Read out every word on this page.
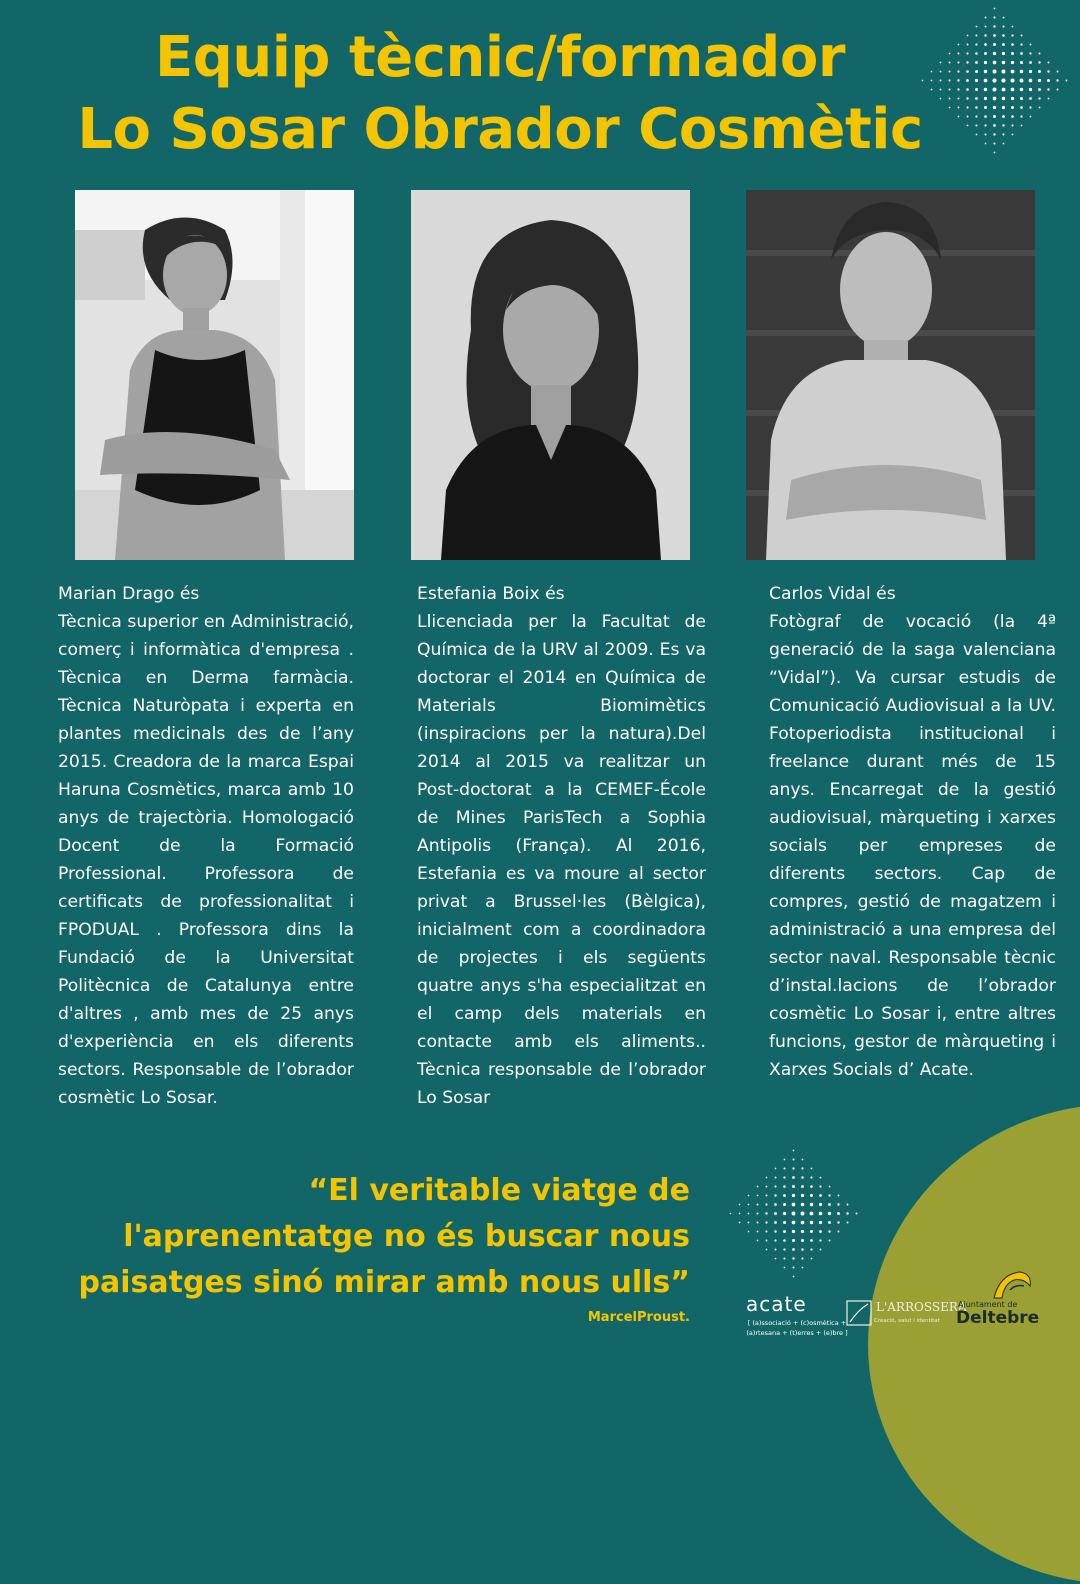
Equip tècnic/formador
Lo Sosar Obrador Cosmètic
Marian Drago és
Tècnica superior en Administració, comerç i informàtica d'empresa . Tècnica en Derma farmàcia. Tècnica Naturòpata i experta en plantes medicinals des de l’any 2015. Creadora de la marca Espai Haruna Cosmètics, marca amb 10 anys de trajectòria. Homologació Docent de la Formació Professional. Professora de certificats de professionalitat i FPODUAL . Professora dins la Fundació de la Universitat Politècnica de Catalunya entre d'altres , amb mes de 25 anys d'experiència en els diferents sectors. Responsable de l’obrador cosmètic Lo Sosar.
Estefania Boix és
Llicenciada per la Facultat de Química de la URV al 2009. Es va doctorar el 2014 en Química de Materials Biomimètics (inspiracions per la natura).Del 2014 al 2015 va realitzar un Post-doctorat a la CEMEF-École de Mines ParisTech a Sophia Antipolis (França). Al 2016, Estefania es va moure al sector privat a Brussel·les (Bèlgica), inicialment com a coordinadora de projectes i els següents quatre anys s'ha especialitzat en el camp dels materials en contacte amb els aliments.. Tècnica responsable de l’obrador Lo Sosar
Carlos Vidal és
Fotògraf de vocació (la 4ª generació de la saga valenciana “Vidal”). Va cursar estudis de Comunicació Audiovisual a la UV. Fotoperiodista institucional i freelance durant més de 15 anys. Encarregat de la gestió audiovisual, màrqueting i xarxes socials per empreses de diferents sectors. Cap de compres, gestió de magatzem i administració a una empresa del sector naval. Responsable tècnic d’instal.lacions de l’obrador cosmètic Lo Sosar i, entre altres funcions, gestor de màrqueting i Xarxes Socials d’ Acate.
“El veritable viatge de
l'aprenentatge no és buscar nous
paisatges sinó mirar amb nous ulls”
MarcelProust.
acate
[ (a)ssociació + (c)osmètica +
(a)rtesana + (t)erres + (e)bre ]
L'ARROSSERA
Creació, salut i identitat
Ajuntament de
Deltebre
